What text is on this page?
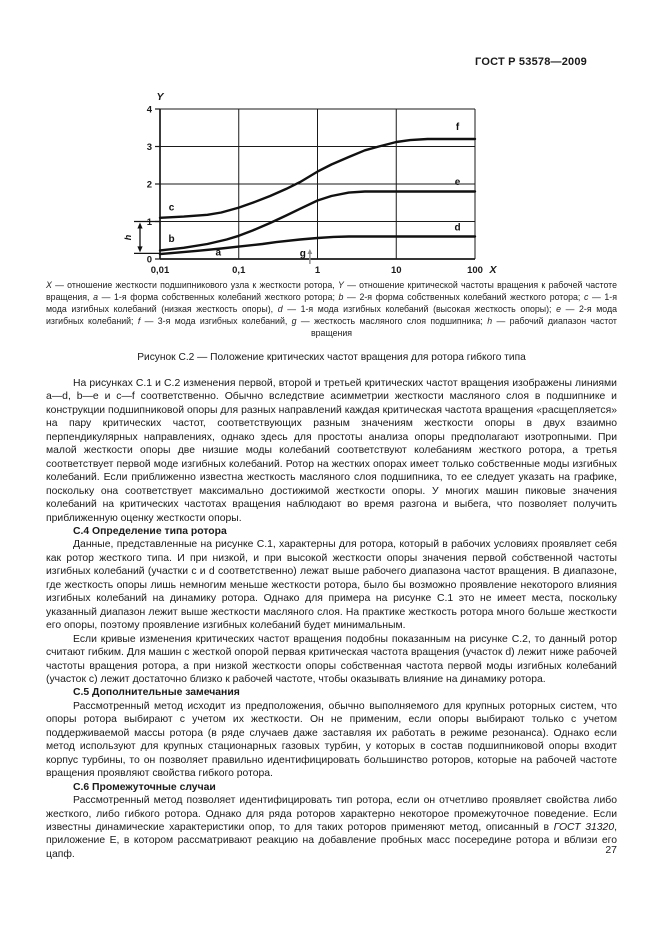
ГОСТ Р 53578—2009
0
1
2
3
4
0,01	0,1	1	10	100
Y
X
a
b
c
d
e
f
h
g
X — отношение жесткости подшипникового узла к жесткости ротора, Y — отношение критической частоты вращения к рабочей частоте вращения, a — 1-я форма собственных колебаний жесткого ротора; b — 2-я форма собственных колебаний жесткого ротора; c — 1-я мода изгибных колебаний (низкая жесткость опоры), d — 1-я мода изгибных колебаний (высокая жесткость опоры); e — 2-я мода изгибных колебаний; f — 3-я мода изгибных колебаний, g — жесткость масляного слоя подшипника; h — рабочий диапазон частот вращения
Рисунок С.2 — Положение критических частот вращения для ротора гибкого типа

На рисунках С.1 и С.2 изменения первой, второй и третьей критических частот вращения изображены линиями a—d, b—e и c—f соответственно. Обычно вследствие асимметрии жесткости масляного слоя в подшипнике и конструкции подшипниковой опоры для разных направлений каждая критическая частота вращения «расщепляется» на пару критических частот, соответствующих разным значениям жесткости опоры в двух взаимно перпендикулярных направлениях, однако здесь для простоты анализа опоры предполагают изотропными. При малой жесткости опоры две низшие моды колебаний соответствуют колебаниям жесткого ротора, а третья соответствует первой моде изгибных колебаний. Ротор на жестких опорах имеет только собственные моды изгибных колебаний. Если приближенно известна жесткость масляного слоя подшипника, то ее следует указать на графике, поскольку она соответствует максимально достижимой жесткости опоры. У многих машин пиковые значения колебаний на критических частотах вращения наблюдают во время разгона и выбега, что позволяет получить приближенную оценку жесткости опоры.

С.4 Определение типа ротора

Данные, представленные на рисунке С.1, характерны для ротора, который в рабочих условиях проявляет себя как ротор жесткого типа. И при низкой, и при высокой жесткости опоры значения первой собственной частоты изгибных колебаний (участки c и d соответственно) лежат выше рабочего диапазона частот вращения. В диапазоне, где жесткость опоры лишь немногим меньше жесткости ротора, было бы возможно проявление некоторого влияния изгибных колебаний на динамику ротора. Однако для примера на рисунке С.1 это не имеет места, поскольку указанный диапазон лежит выше жесткости масляного слоя. На практике жесткость ротора много больше жесткости его опоры, поэтому проявление изгибных колебаний будет минимальным.

Если кривые изменения критических частот вращения подобны показанным на рисунке С.2, то данный ротор считают гибким. Для машин с жесткой опорой первая критическая частота вращения (участок d) лежит ниже рабочей частоты вращения ротора, а при низкой жесткости опоры собственная частота первой моды изгибных колебаний (участок c) лежит достаточно близко к рабочей частоте, чтобы оказывать влияние на динамику ротора.

С.5 Дополнительные замечания

Рассмотренный метод исходит из предположения, обычно выполняемого для крупных роторных систем, что опоры ротора выбирают с учетом их жесткости. Он не применим, если опоры выбирают только с учетом поддерживаемой массы ротора (в ряде случаев даже заставляя их работать в режиме резонанса). Однако если метод используют для крупных стационарных газовых турбин, у которых в состав подшипниковой опоры входит корпус турбины, то он позволяет правильно идентифицировать большинство роторов, которые на рабочей частоте вращения проявляют свойства гибкого ротора.

С.6 Промежуточные случаи

Рассмотренный метод позволяет идентифицировать тип ротора, если он отчетливо проявляет свойства либо жесткого, либо гибкого ротора. Однако для ряда роторов характерно некоторое промежуточное поведение. Если известны динамические характеристики опор, то для таких роторов применяют метод, описанный в ГОСТ 31320, приложение Е, в котором рассматривают реакцию на добавление пробных масс посередине ротора и вблизи его цапф.	27
